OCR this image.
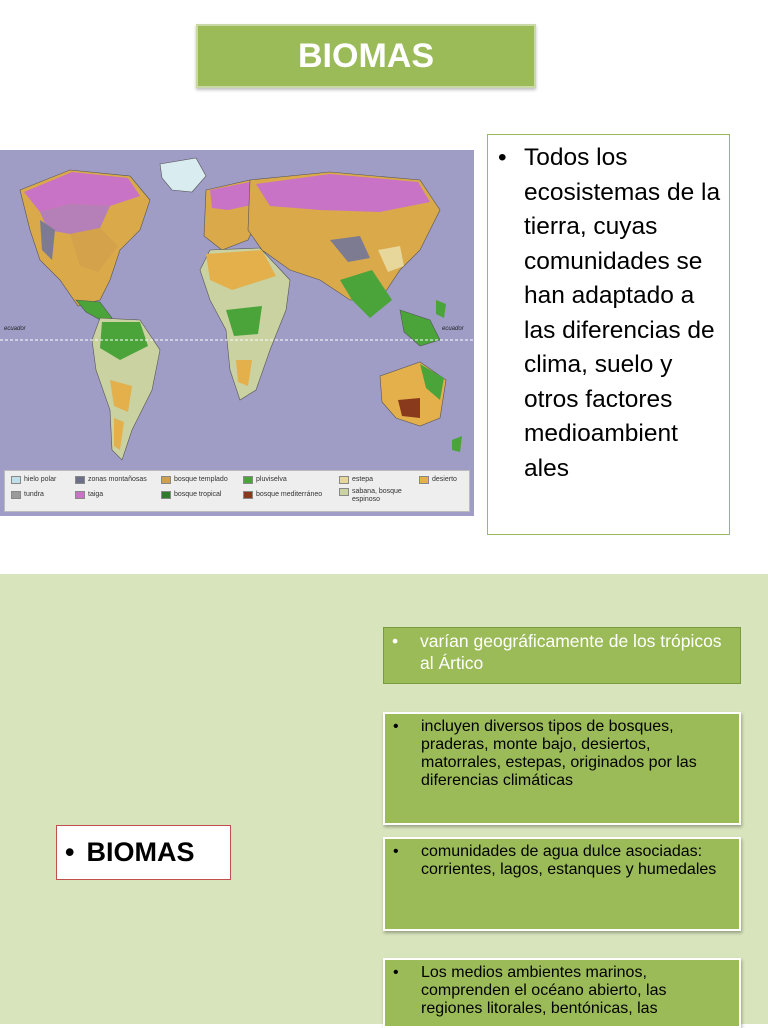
BIOMAS
ecuador	ecuador
hielo polar
tundra
zonas montañosas
taiga
bosque templado
bosque tropical
pluviselva
bosque mediterráneo
estepa
sabana, bosque espinoso
desierto
• Todos los ecosistemas de la tierra, cuyas comunidades se han adaptado a las diferencias de clima, suelo y otros factores medioambient ales
• BIOMAS
•	varían geográficamente de los trópicos al Ártico
•	incluyen diversos tipos de bosques, praderas, monte bajo, desiertos, matorrales, estepas, originados por las diferencias climáticas
•	comunidades de agua dulce asociadas: corrientes, lagos, estanques y humedales
•	Los medios ambientes marinos, comprenden el océano abierto, las regiones litorales, bentónicas, las
